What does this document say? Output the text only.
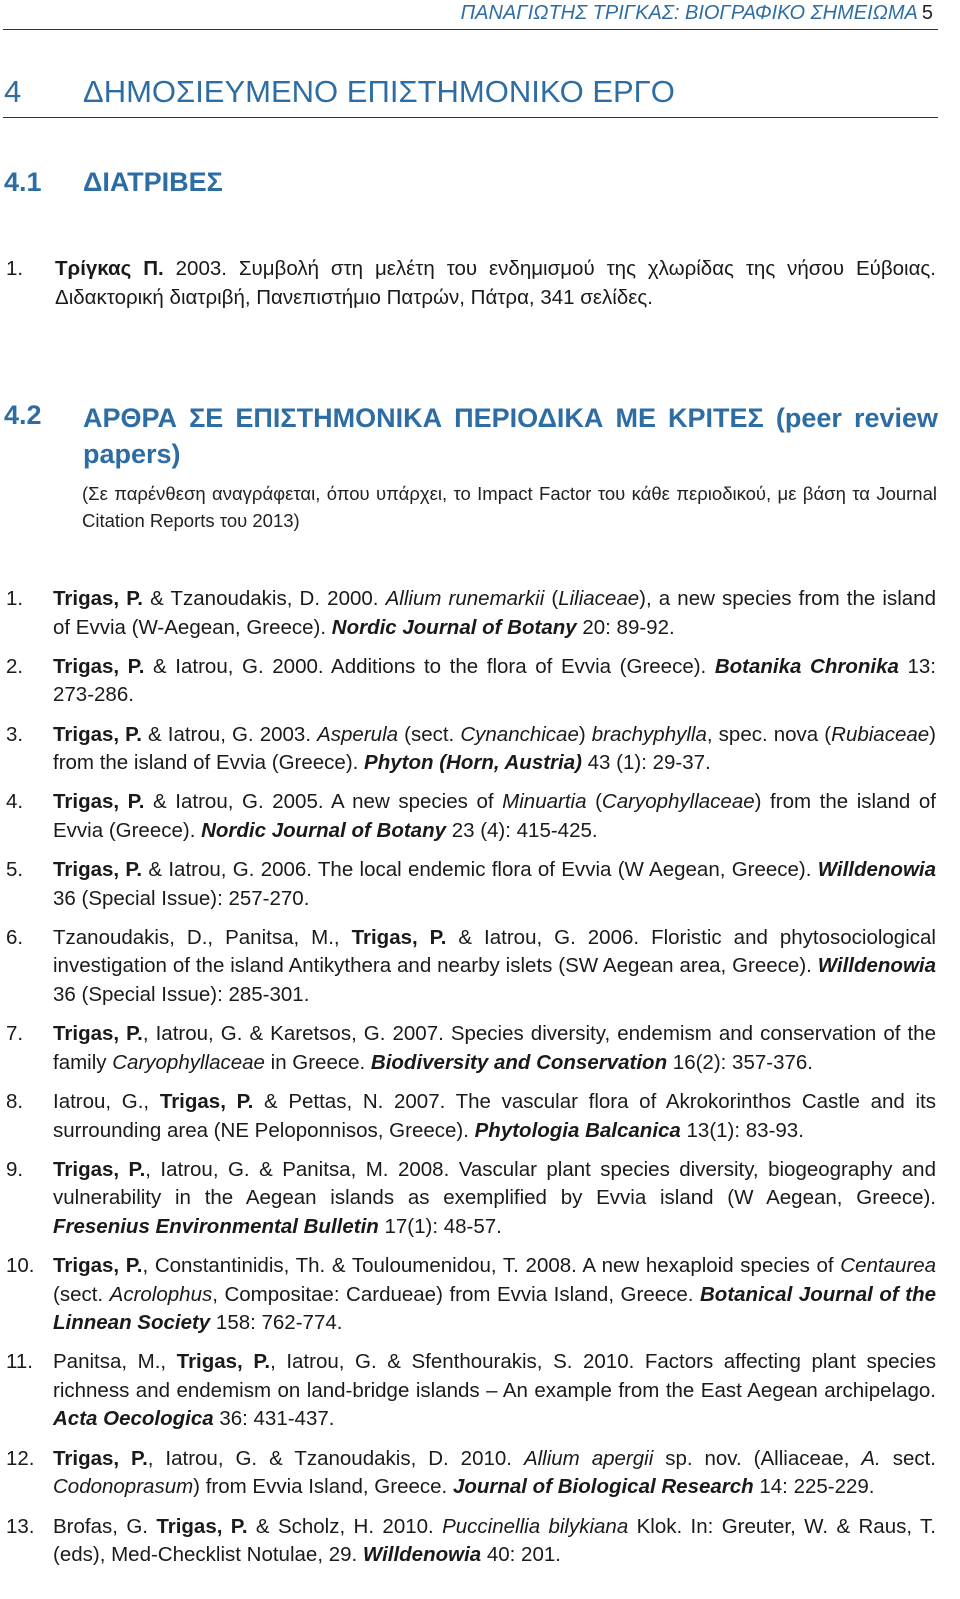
ΠΑΝΑΓΙΩΤΗΣ ΤΡΙΓΚΑΣ: ΒΙΟΓΡΑΦΙΚΟ ΣΗΜΕΙΩΜΑ 5
4 ΔΗΜΟΣΙΕΥΜΕΝΟ ΕΠΙΣΤΗΜΟΝΙΚΟ ΕΡΓΟ
4.1 ΔΙΑΤΡΙΒΕΣ
1. Τρίγκας Π. 2003. Συμβολή στη μελέτη του ενδημισμού της χλωρίδας της νήσου Εύβοιας. Διδακτορική διατριβή, Πανεπιστήμιο Πατρών, Πάτρα, 341 σελίδες.
4.2 ΑΡΘΡΑ ΣΕ ΕΠΙΣΤΗΜΟΝΙΚΑ ΠΕΡΙΟΔΙΚΑ ΜΕ ΚΡΙΤΕΣ (peer review papers)
(Σε παρένθεση αναγράφεται, όπου υπάρχει, το Impact Factor του κάθε περιοδικού, με βάση τα Journal Citation Reports του 2013)
1. Trigas, P. & Tzanoudakis, D. 2000. Allium runemarkii (Liliaceae), a new species from the island of Evvia (W-Aegean, Greece). Nordic Journal of Botany 20: 89-92.
2. Trigas, P. & Iatrou, G. 2000. Additions to the flora of Evvia (Greece). Botanika Chronika 13: 273-286.
3. Trigas, P. & Iatrou, G. 2003. Asperula (sect. Cynanchicae) brachyphylla, spec. nova (Rubiaceae) from the island of Evvia (Greece). Phyton (Horn, Austria) 43 (1): 29-37.
4. Trigas, P. & Iatrou, G. 2005. A new species of Minuartia (Caryophyllaceae) from the island of Evvia (Greece). Nordic Journal of Botany 23 (4): 415-425.
5. Trigas, P. & Iatrou, G. 2006. The local endemic flora of Evvia (W Aegean, Greece). Willdenowia 36 (Special Issue): 257-270.
6. Tzanoudakis, D., Panitsa, M., Trigas, P. & Iatrou, G. 2006. Floristic and phytosociological investigation of the island Antikythera and nearby islets (SW Aegean area, Greece). Willdenowia 36 (Special Issue): 285-301.
7. Trigas, P., Iatrou, G. & Karetsos, G. 2007. Species diversity, endemism and conservation of the family Caryophyllaceae in Greece. Biodiversity and Conservation 16(2): 357-376.
8. Iatrou, G., Trigas, P. & Pettas, N. 2007. The vascular flora of Akrokorinthos Castle and its surrounding area (NE Peloponnisos, Greece). Phytologia Balcanica 13(1): 83-93.
9. Trigas, P., Iatrou, G. & Panitsa, M. 2008. Vascular plant species diversity, biogeography and vulnerability in the Aegean islands as exemplified by Evvia island (W Aegean, Greece). Fresenius Environmental Bulletin 17(1): 48-57.
10. Trigas, P., Constantinidis, Th. & Touloumenidou, T. 2008. A new hexaploid species of Centaurea (sect. Acrolophus, Compositae: Cardueae) from Evvia Island, Greece. Botanical Journal of the Linnean Society 158: 762-774.
11. Panitsa, M., Trigas, P., Iatrou, G. & Sfenthourakis, S. 2010. Factors affecting plant species richness and endemism on land-bridge islands – An example from the East Aegean archipelago. Acta Oecologica 36: 431-437.
12. Trigas, P., Iatrou, G. & Tzanoudakis, D. 2010. Allium apergii sp. nov. (Alliaceae, A. sect. Codonoprasum) from Evvia Island, Greece. Journal of Biological Research 14: 225-229.
13. Brofas, G. Trigas, P. & Scholz, H. 2010. Puccinellia bilykiana Klok. In: Greuter, W. & Raus, T. (eds), Med-Checklist Notulae, 29. Willdenowia 40: 201.
